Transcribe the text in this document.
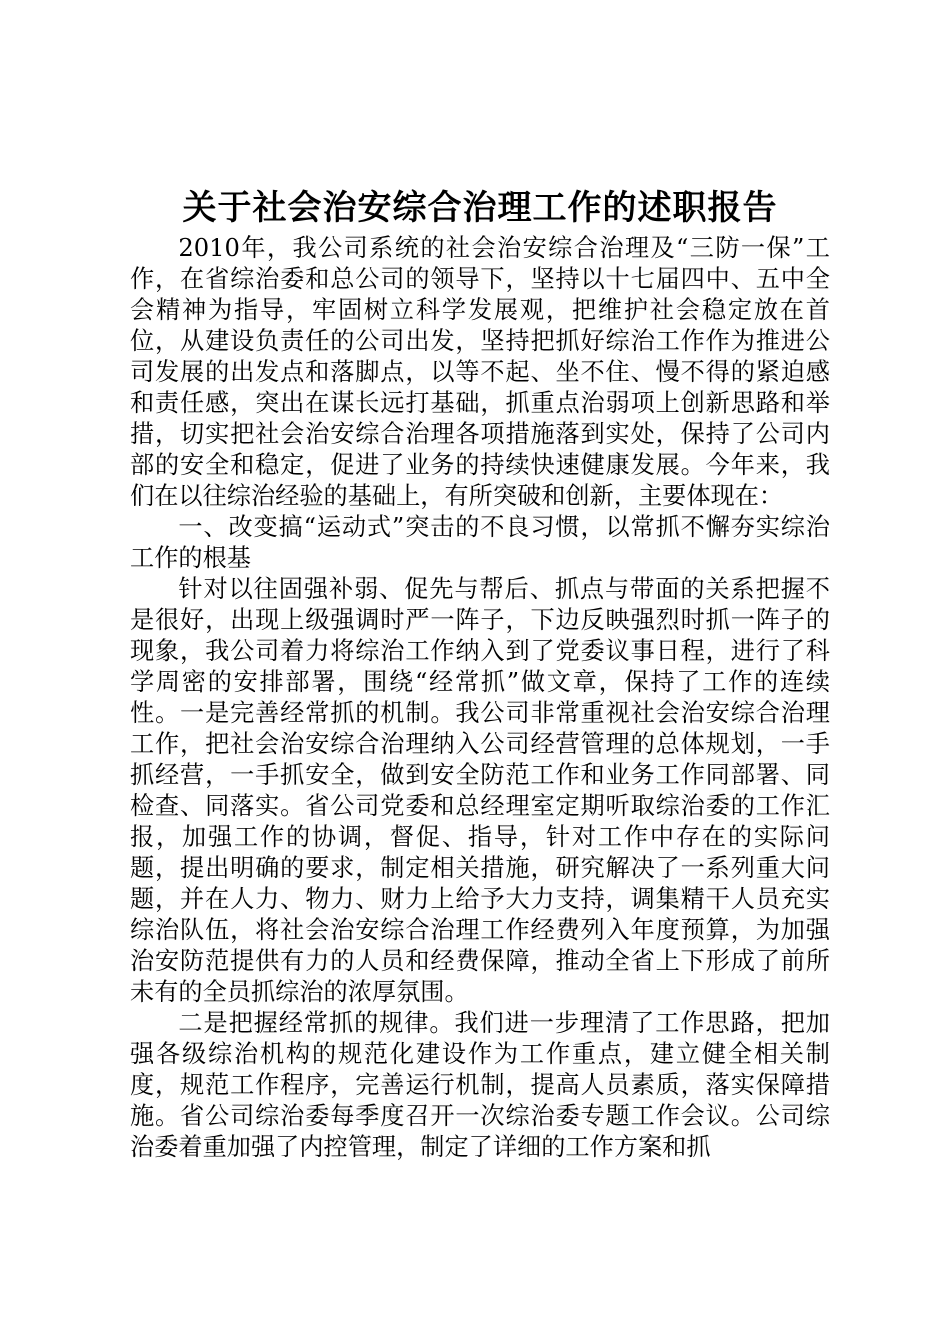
关于社会治安综合治理工作的述职报告

2010年，我公司系统的社会治安综合治理及“三防一保”工作，在省综治委和总公司的领导下，坚持以十七届四中、五中全会精神为指导，牢固树立科学发展观，把维护社会稳定放在首位，从建设负责任的公司出发，坚持把抓好综治工作作为推进公司发展的出发点和落脚点，以等不起、坐不住、慢不得的紧迫感和责任感，突出在谋长远打基础，抓重点治弱项上创新思路和举措，切实把社会治安综合治理各项措施落到实处，保持了公司内部的安全和稳定，促进了业务的持续快速健康发展。今年来，我们在以往综治经验的基础上，有所突破和创新，主要体现在：

一、改变搞“运动式”突击的不良习惯，以常抓不懈夯实综治工作的根基

针对以往固强补弱、促先与帮后、抓点与带面的关系把握不是很好，出现上级强调时严一阵子，下边反映强烈时抓一阵子的现象，我公司着力将综治工作纳入到了党委议事日程，进行了科学周密的安排部署，围绕“经常抓”做文章，保持了工作的连续性。一是完善经常抓的机制。我公司非常重视社会治安综合治理工作，把社会治安综合治理纳入公司经营管理的总体规划，一手抓经营，一手抓安全，做到安全防范工作和业务工作同部署、同检查、同落实。省公司党委和总经理室定期听取综治委的工作汇报，加强工作的协调，督促、指导，针对工作中存在的实际问题，提出明确的要求，制定相关措施，研究解决了一系列重大问题，并在人力、物力、财力上给予大力支持，调集精干人员充实综治队伍，将社会治安综合治理工作经费列入年度预算，为加强治安防范提供有力的人员和经费保障，推动全省上下形成了前所未有的全员抓综治的浓厚氛围。

二是把握经常抓的规律。我们进一步理清了工作思路，把加强各级综治机构的规范化建设作为工作重点，建立健全相关制度，规范工作程序，完善运行机制，提高人员素质，落实保障措施。省公司综治委每季度召开一次综治委专题工作会议。公司综治委着重加强了内控管理，制定了详细的工作方案和抓
